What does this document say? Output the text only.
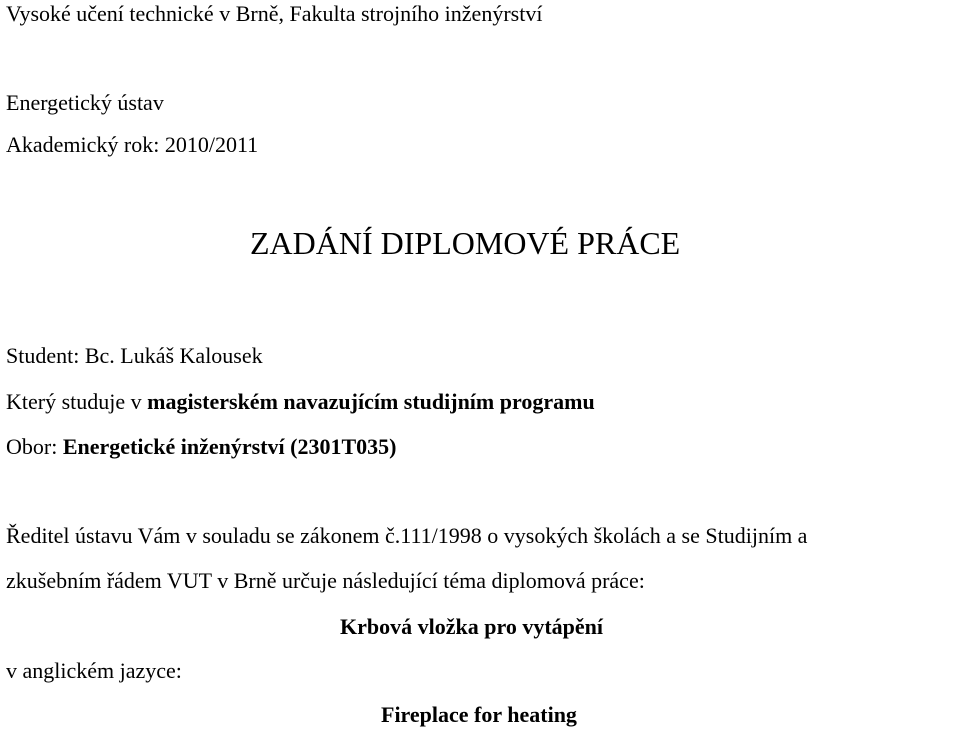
Vysoké učení technické v Brně, Fakulta strojního inženýrství
Energetický ústav
Akademický rok: 2010/2011
ZADÁNÍ DIPLOMOVÉ PRÁCE
Student: Bc. Lukáš Kalousek
Který studuje v magisterském navazujícím studijním programu
Obor: Energetické inženýrství (2301T035)
Ředitel ústavu Vám v souladu se zákonem č.111/1998 o vysokých školách a se Studijním a
zkušebním řádem VUT v Brně určuje následující téma diplomová práce:
Krbová vložka pro vytápění
v anglickém jazyce:
Fireplace for heating
